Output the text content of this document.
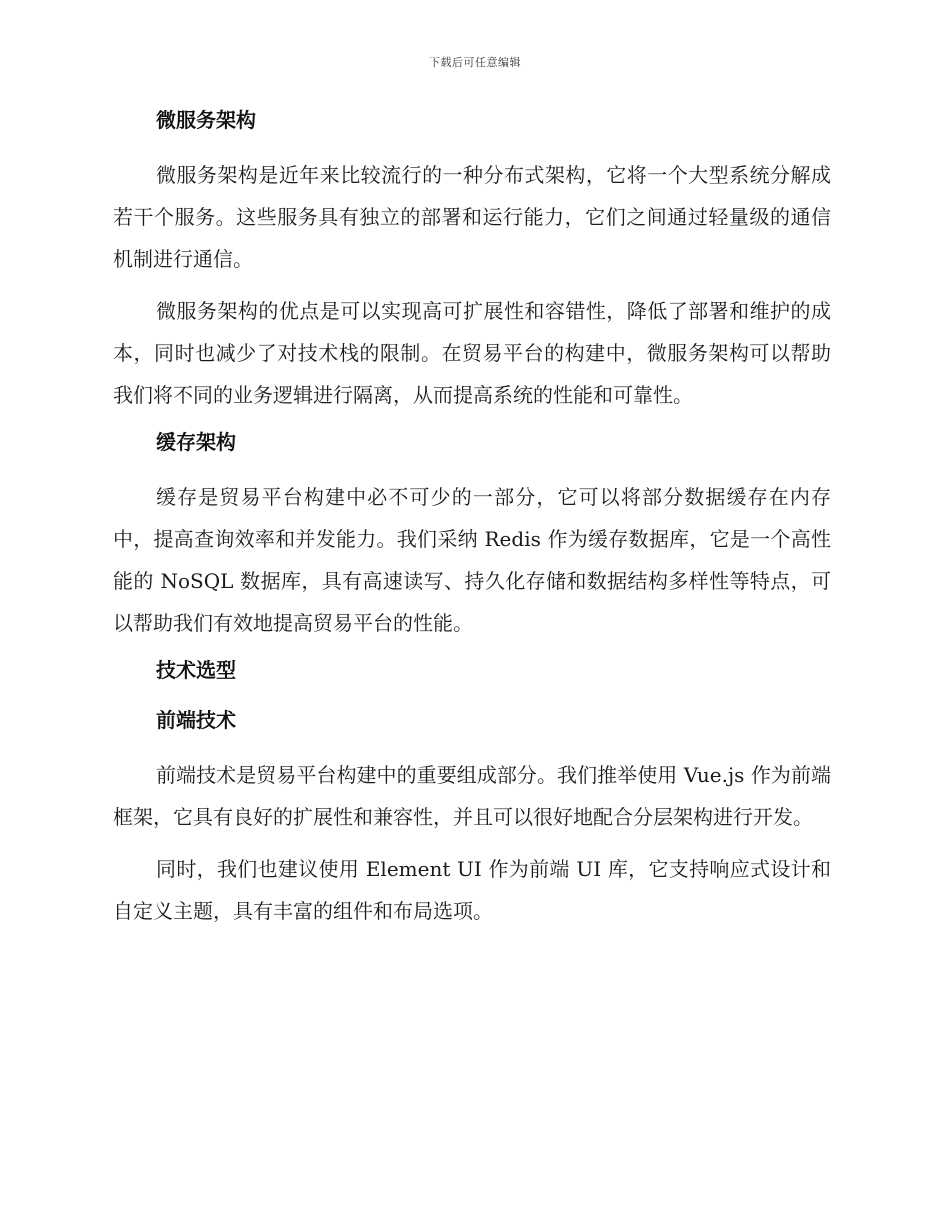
下载后可任意编辑
微服务架构

微服务架构是近年来比较流行的一种分布式架构，它将一个大型系统分解成若干个服务。这些服务具有独立的部署和运行能力，它们之间通过轻量级的通信机制进行通信。

微服务架构的优点是可以实现高可扩展性和容错性，降低了部署和维护的成本，同时也减少了对技术栈的限制。在贸易平台的构建中，微服务架构可以帮助我们将不同的业务逻辑进行隔离，从而提高系统的性能和可靠性。

缓存架构

缓存是贸易平台构建中必不可少的一部分，它可以将部分数据缓存在内存中，提高查询效率和并发能力。我们采纳 Redis 作为缓存数据库，它是一个高性能的 NoSQL 数据库，具有高速读写、持久化存储和数据结构多样性等特点，可以帮助我们有效地提高贸易平台的性能。

技术选型
前端技术

前端技术是贸易平台构建中的重要组成部分。我们推举使用 Vue.js 作为前端框架，它具有良好的扩展性和兼容性，并且可以很好地配合分层架构进行开发。

同时，我们也建议使用 Element UI 作为前端 UI 库，它支持响应式设计和自定义主题，具有丰富的组件和布局选项。
